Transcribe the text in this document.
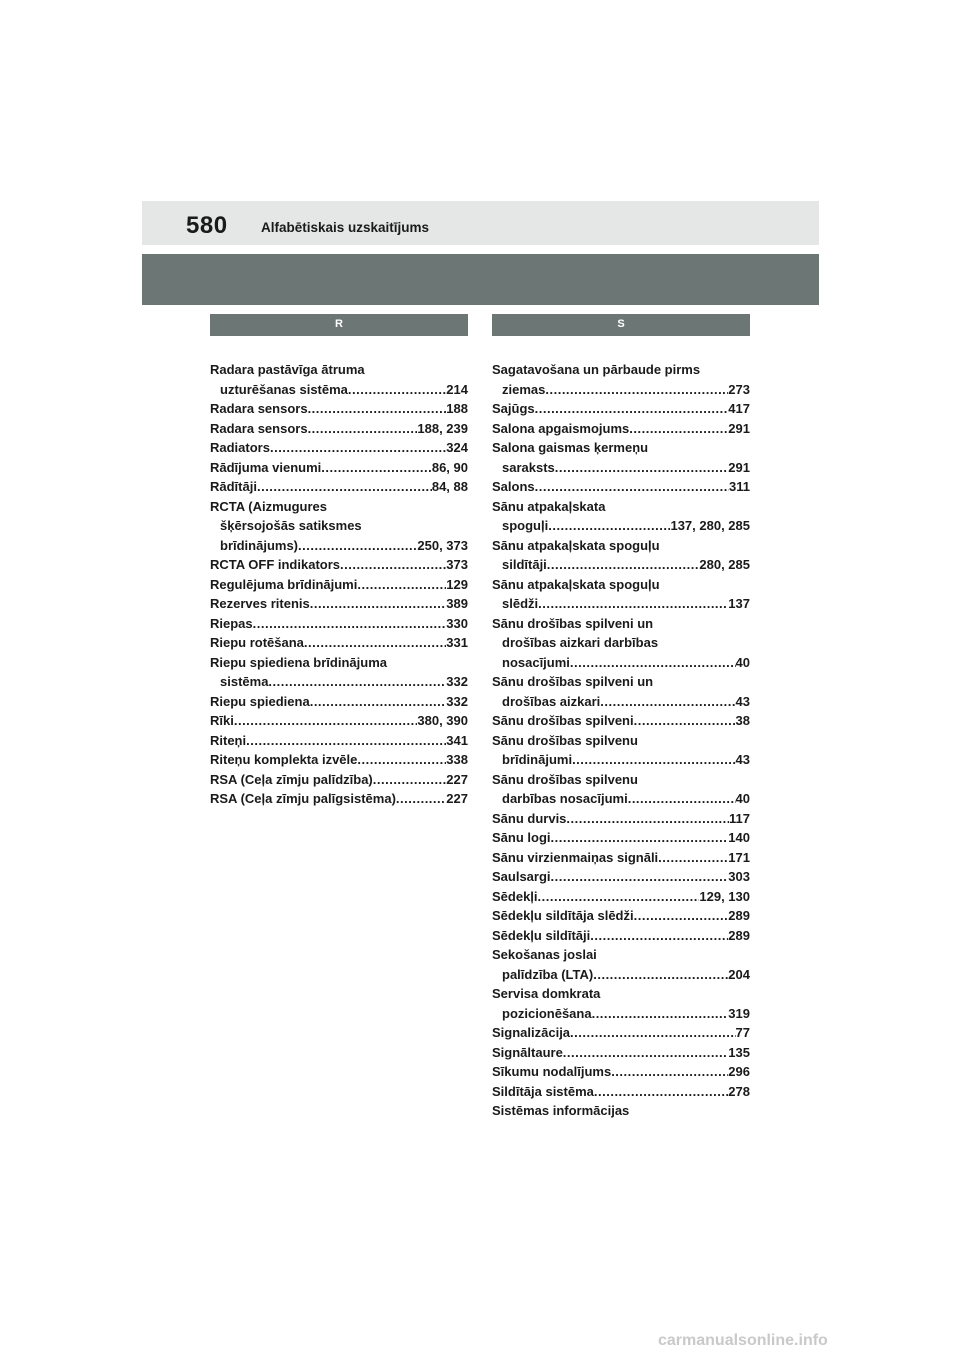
580 Alfabētiskais uzskaitījums
R
Radara pastāvīga ātruma
uzturēšanas sistēma .....	214
Radara sensors .....	188
Radara sensors .....	188, 239
Radiators .....	324
Rādījuma vienumi .....	86, 90
Rādītāji .....	84, 88
RCTA (Aizmugures
šķērsojošās satiksmes
brīdinājums) .....	250, 373
RCTA OFF indikators .....	373
Regulējuma brīdinājumi .....	129
Rezerves ritenis .....	389
Riepas .....	330
Riepu rotēšana .....	331
Riepu spiediena brīdinājuma
sistēma .....	332
Riepu spiediena .....	332
Rīki .....	380, 390
Riteņi .....	341
Riteņu komplekta izvēle .....	338
RSA (Ceļa zīmju palīdzība) .....	227
RSA (Ceļa zīmju palīgsistēma) .....	227
S
Sagatavošana un pārbaude pirms
ziemas .....	273
Sajūgs .....	417
Salona apgaismojums .....	291
Salona gaismas ķermeņu
saraksts .....	291
Salons .....	311
Sānu atpakaļskata
spoguļi .....	137, 280, 285
Sānu atpakaļskata spoguļu
sildītāji .....	280, 285
Sānu atpakaļskata spoguļu
slēdži .....	137
Sānu drošības spilveni un
drošības aizkari darbības
nosacījumi .....	40
Sānu drošības spilveni un
drošības aizkari .....	43
Sānu drošības spilveni .....	38
Sānu drošības spilvenu
brīdinājumi .....	43
Sānu drošības spilvenu
darbības nosacījumi .....	40
Sānu durvis .....	117
Sānu logi .....	140
Sānu virzienmaiņas signāli .....	171
Saulsargi .....	303
Sēdekļi .....	129, 130
Sēdekļu sildītāja slēdži .....	289
Sēdekļu sildītāji .....	289
Sekošanas joslai
palīdzība (LTA) .....	204
Servisa domkrata
pozicionēšana .....	319
Signalizācija .....	77
Signāltaure .....	135
Sīkumu nodalījums .....	296
Sildītāja sistēma .....	278
Sistēmas informācijas
carmanualsonline.info
